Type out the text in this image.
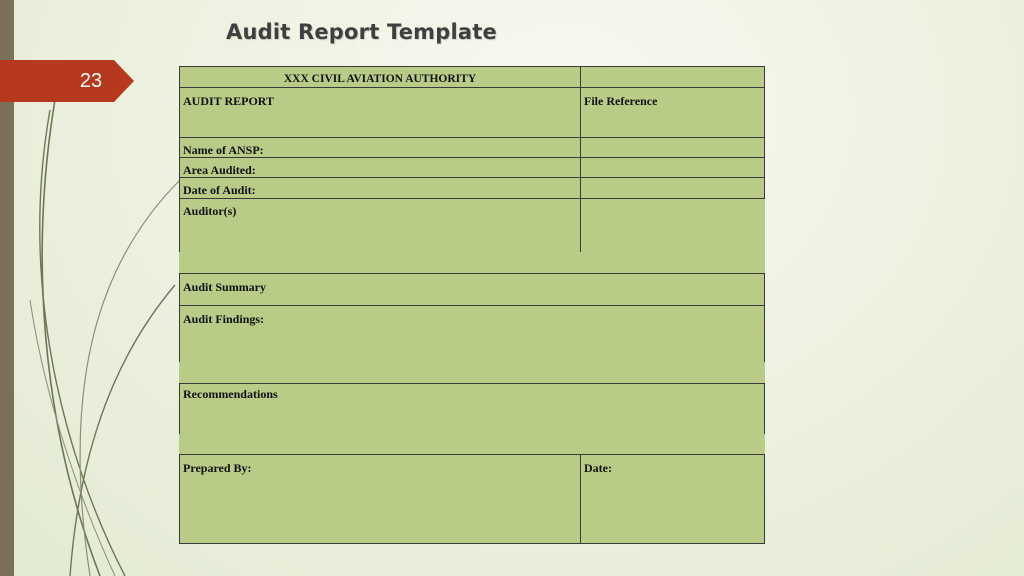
23
Audit Report Template
XXX CIVIL AVIATION AUTHORITY
AUDIT REPORT	File Reference
Name of ANSP:
Area Audited:
Date of Audit:
Auditor(s)
Audit Summary
Audit Findings:
Recommendations
Prepared By:	Date:
